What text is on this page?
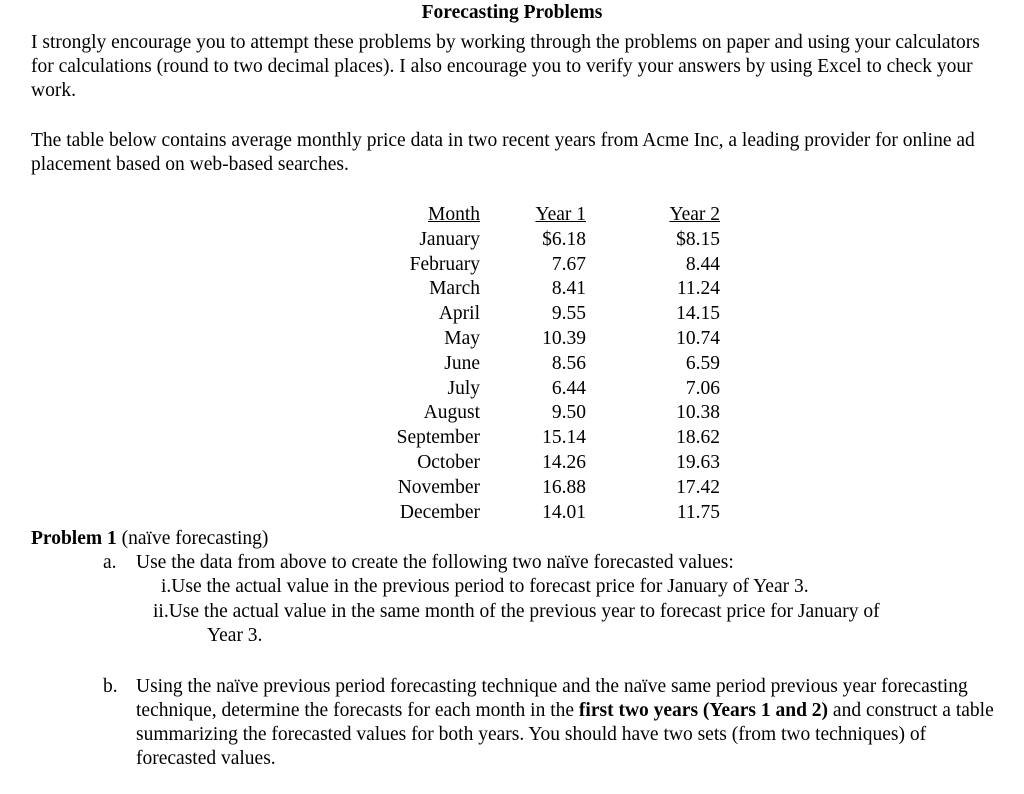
Forecasting Problems

I strongly encourage you to attempt these problems by working through the problems on paper and using your calculators for calculations (round to two decimal places). I also encourage you to verify your answers by using Excel to check your work.

The table below contains average monthly price data in two recent years from Acme Inc, a leading provider for online ad placement based on web-based searches.

Month	Year 1	Year 2
January	$6.18	$8.15
February	7.67	8.44
March	8.41	11.24
April	9.55	14.15
May	10.39	10.74
June	8.56	6.59
July	6.44	7.06
August	9.50	10.38
September	15.14	18.62
October	14.26	19.63
November	16.88	17.42
December	14.01	11.75
Problem 1 (naïve forecasting)
a. Use the data from above to create the following two naïve forecasted values:

i.Use the actual value in the previous period to forecast price for January of Year 3.

ii.Use the actual value in the same month of the previous year to forecast price for January of
Year 3.

b. Using the naïve previous period forecasting technique and the naïve same period previous year forecasting technique, determine the forecasts for each month in the first two years (Years 1 and 2) and construct a table summarizing the forecasted values for both years. You should have two sets (from two techniques) of forecasted values.
